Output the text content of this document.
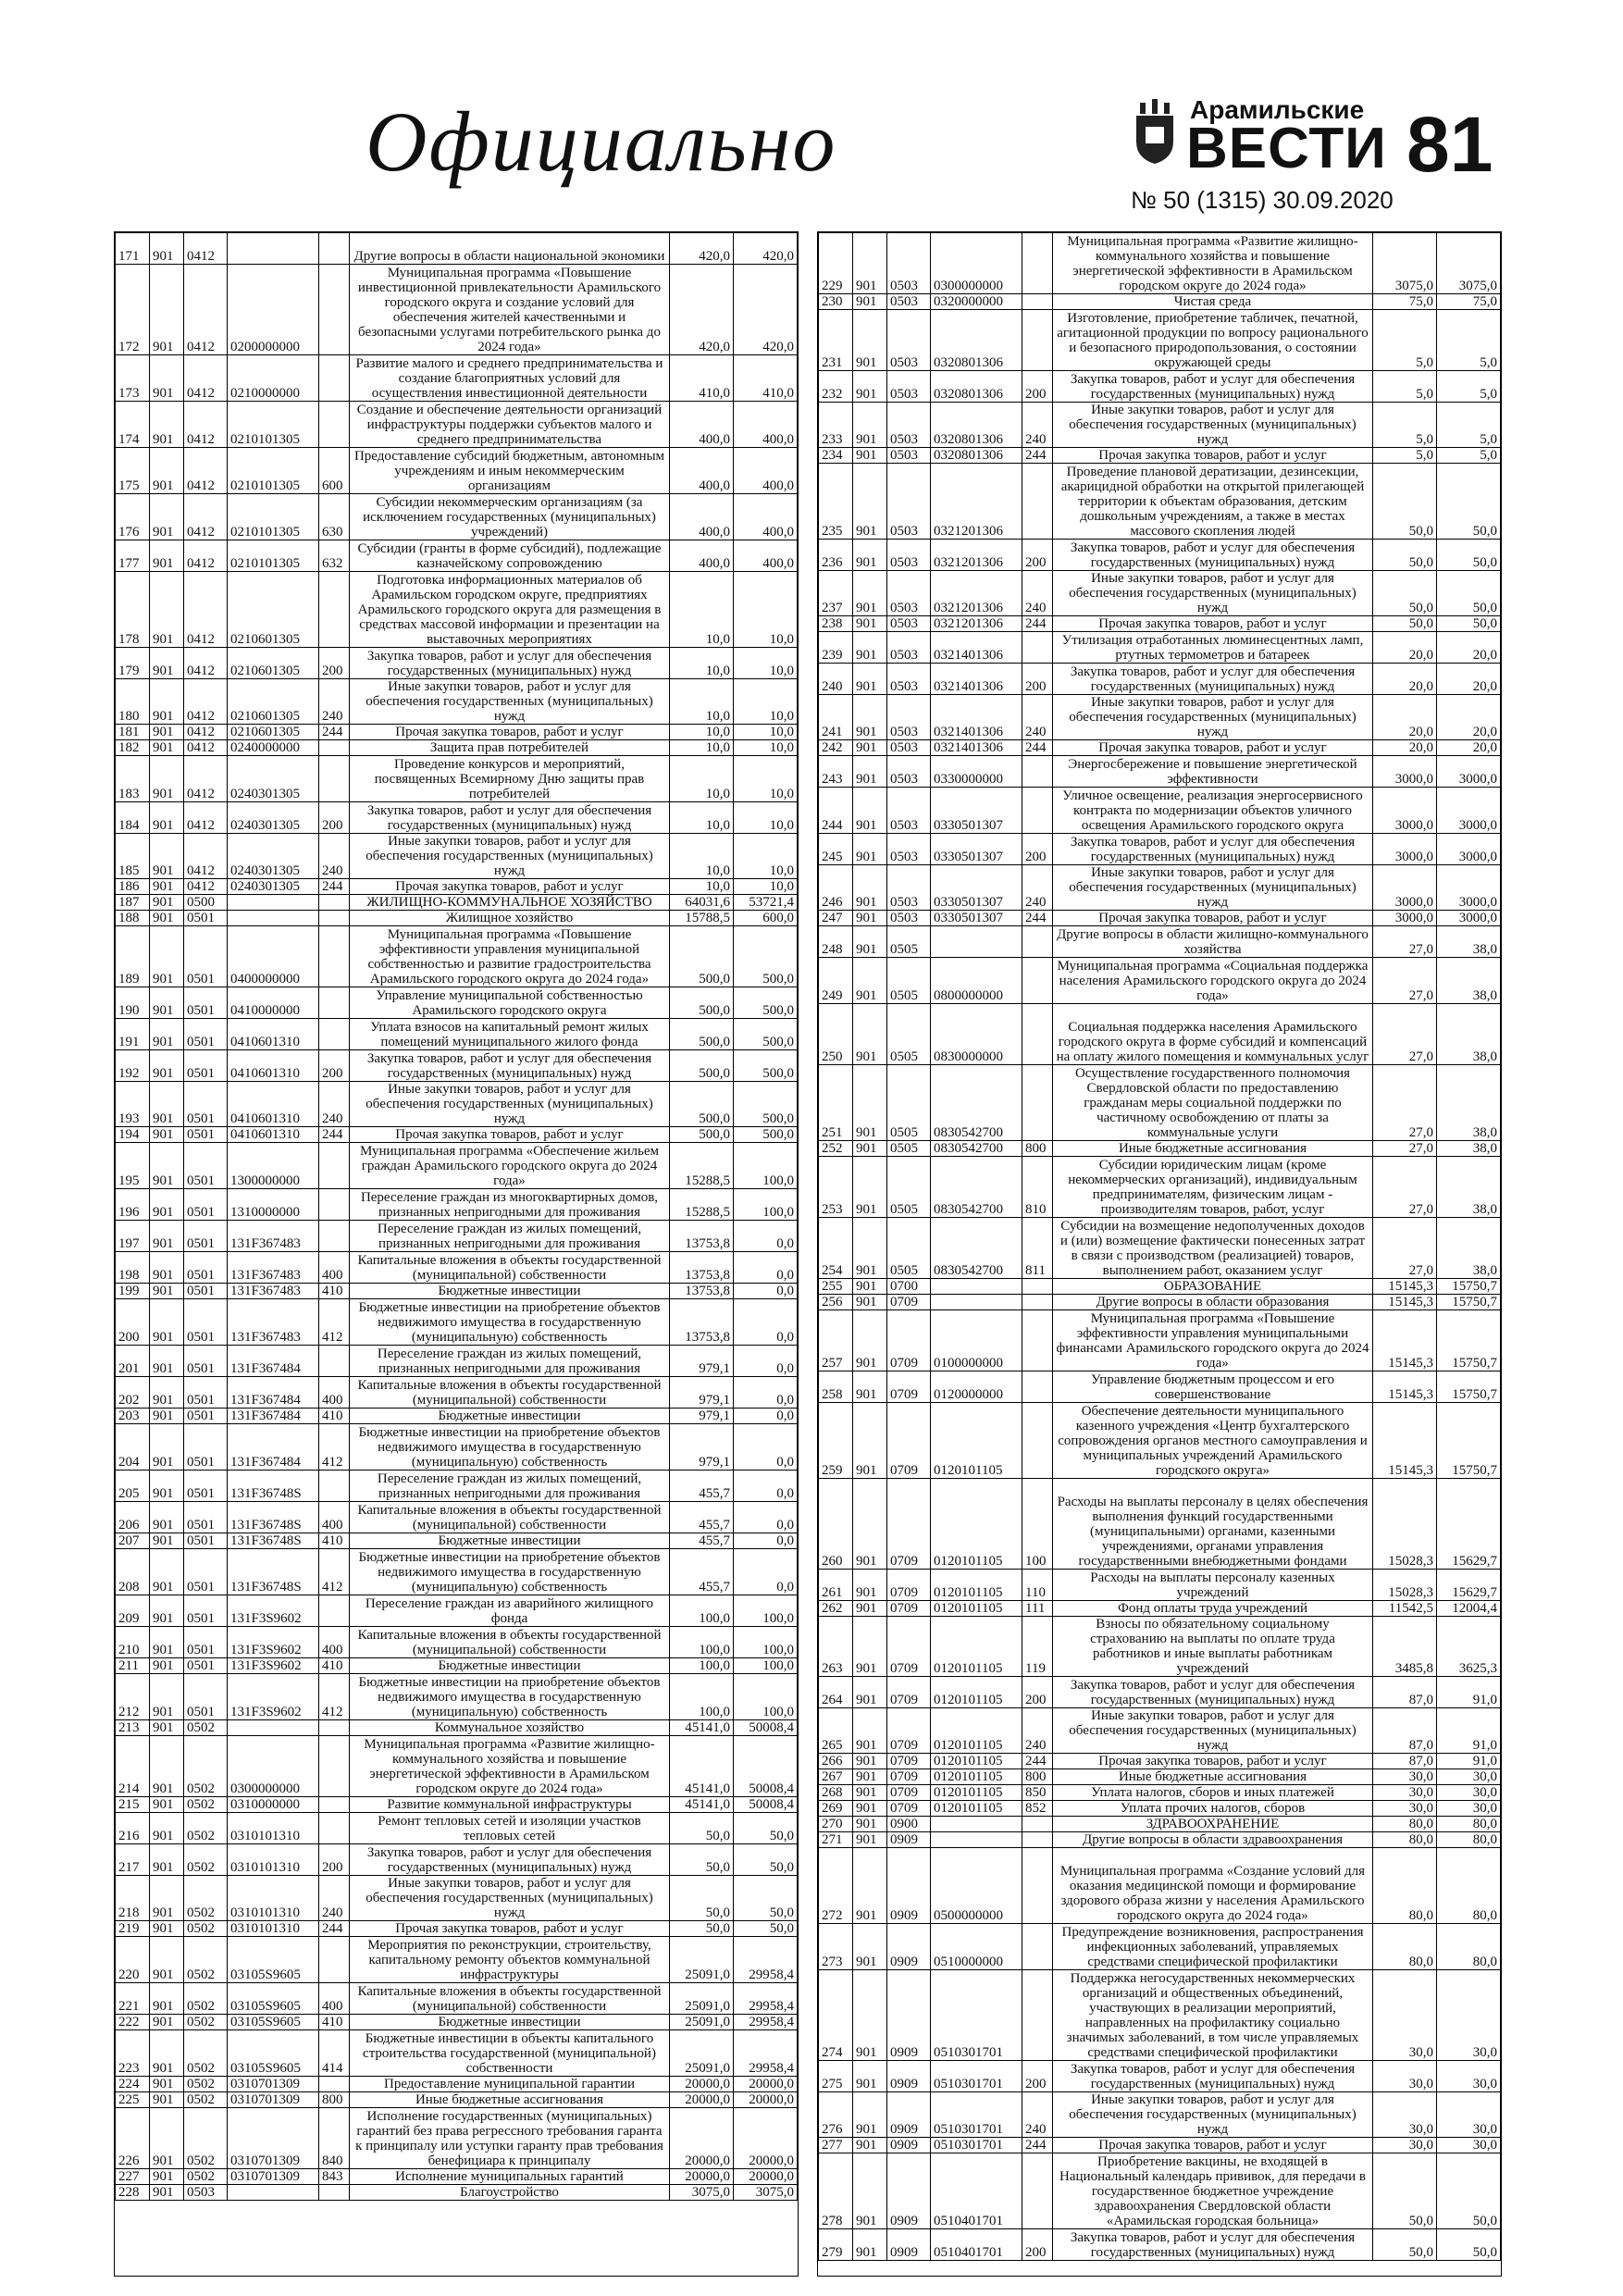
Официально	Арамильские
ВЕСТИ
№ 50 (1315) 30.09.2020
81
171	901	0412			Другие вопросы в области национальной экономики	420,0	420,0
172	901	0412	0200000000		Муниципальная программа «Повышение инвестиционной привлекательности Арамильского городского округа и создание условий для обеспечения жителей качественными и безопасными услугами потребительского рынка до 2024 года»	420,0	420,0
173	901	0412	0210000000		Развитие малого и среднего предпринимательства и создание благоприятных условий для осуществления инвестиционной деятельности	410,0	410,0
174	901	0412	0210101305		Создание и обеспечение деятельности организаций инфраструктуры поддержки субъектов малого и среднего предпринимательства	400,0	400,0
175	901	0412	0210101305	600	Предоставление субсидий бюджетным, автономным учреждениям и иным некоммерческим организациям	400,0	400,0
176	901	0412	0210101305	630	Субсидии некоммерческим организациям (за исключением государственных (муниципальных) учреждений)	400,0	400,0
177	901	0412	0210101305	632	Субсидии (гранты в форме субсидий), подлежащие казначейскому сопровождению	400,0	400,0
178	901	0412	0210601305		Подготовка информационных материалов об Арамильском городском округе, предприятиях Арамильского городского округа для размещения в средствах массовой информации и презентации на выставочных мероприятиях	10,0	10,0
179	901	0412	0210601305	200	Закупка товаров, работ и услуг для обеспечения государственных (муниципальных) нужд	10,0	10,0
180	901	0412	0210601305	240	Иные закупки товаров, работ и услуг для обеспечения государственных (муниципальных) нужд	10,0	10,0
181	901	0412	0210601305	244	Прочая закупка товаров, работ и услуг	10,0	10,0
182	901	0412	0240000000		Защита прав потребителей	10,0	10,0
183	901	0412	0240301305		Проведение конкурсов и мероприятий, посвященных Всемирному Дню защиты прав потребителей	10,0	10,0
184	901	0412	0240301305	200	Закупка товаров, работ и услуг для обеспечения государственных (муниципальных) нужд	10,0	10,0
185	901	0412	0240301305	240	Иные закупки товаров, работ и услуг для обеспечения государственных (муниципальных) нужд	10,0	10,0
186	901	0412	0240301305	244	Прочая закупка товаров, работ и услуг	10,0	10,0
187	901	0500			ЖИЛИЩНО-КОММУНАЛЬНОЕ ХОЗЯЙСТВО	64031,6	53721,4
188	901	0501			Жилищное хозяйство	15788,5	600,0
189	901	0501	0400000000		Муниципальная программа «Повышение эффективности управления муниципальной собственностью и развитие градостроительства Арамильского городского округа до 2024 года»	500,0	500,0
190	901	0501	0410000000		Управление муниципальной собственностью Арамильского городского округа	500,0	500,0
191	901	0501	0410601310		Уплата взносов на капитальный ремонт жилых помещений муниципального жилого фонда	500,0	500,0
192	901	0501	0410601310	200	Закупка товаров, работ и услуг для обеспечения государственных (муниципальных) нужд	500,0	500,0
193	901	0501	0410601310	240	Иные закупки товаров, работ и услуг для обеспечения государственных (муниципальных) нужд	500,0	500,0
194	901	0501	0410601310	244	Прочая закупка товаров, работ и услуг	500,0	500,0
195	901	0501	1300000000		Муниципальная программа «Обеспечение жильем граждан Арамильского городского округа до 2024 года»	15288,5	100,0
196	901	0501	1310000000		Переселение граждан из многоквартирных домов, признанных непригодными для проживания	15288,5	100,0
197	901	0501	131F367483		Переселение граждан из жилых помещений, признанных непригодными для проживания	13753,8	0,0
198	901	0501	131F367483	400	Капитальные вложения в объекты государственной (муниципальной) собственности	13753,8	0,0
199	901	0501	131F367483	410	Бюджетные инвестиции	13753,8	0,0
200	901	0501	131F367483	412	Бюджетные инвестиции на приобретение объектов недвижимого имущества в государственную (муниципальную) собственность	13753,8	0,0
201	901	0501	131F367484		Переселение граждан из жилых помещений, признанных непригодными для проживания	979,1	0,0
202	901	0501	131F367484	400	Капитальные вложения в объекты государственной (муниципальной) собственности	979,1	0,0
203	901	0501	131F367484	410	Бюджетные инвестиции	979,1	0,0
204	901	0501	131F367484	412	Бюджетные инвестиции на приобретение объектов недвижимого имущества в государственную (муниципальную) собственность	979,1	0,0
205	901	0501	131F36748S		Переселение граждан из жилых помещений, признанных непригодными для проживания	455,7	0,0
206	901	0501	131F36748S	400	Капитальные вложения в объекты государственной (муниципальной) собственности	455,7	0,0
207	901	0501	131F36748S	410	Бюджетные инвестиции	455,7	0,0
208	901	0501	131F36748S	412	Бюджетные инвестиции на приобретение объектов недвижимого имущества в государственную (муниципальную) собственность	455,7	0,0
209	901	0501	131F3S9602		Переселение граждан из аварийного жилищного фонда	100,0	100,0
210	901	0501	131F3S9602	400	Капитальные вложения в объекты государственной (муниципальной) собственности	100,0	100,0
211	901	0501	131F3S9602	410	Бюджетные инвестиции	100,0	100,0
212	901	0501	131F3S9602	412	Бюджетные инвестиции на приобретение объектов недвижимого имущества в государственную (муниципальную) собственность	100,0	100,0
213	901	0502			Коммунальное хозяйство	45141,0	50008,4
214	901	0502	0300000000		Муниципальная программа «Развитие жилищно-коммунального хозяйства и повышение энергетической эффективности в Арамильском городском округе до 2024 года»	45141,0	50008,4
215	901	0502	0310000000		Развитие коммунальной инфраструктуры	45141,0	50008,4
216	901	0502	0310101310		Ремонт тепловых сетей и изоляции участков тепловых сетей	50,0	50,0
217	901	0502	0310101310	200	Закупка товаров, работ и услуг для обеспечения государственных (муниципальных) нужд	50,0	50,0
218	901	0502	0310101310	240	Иные закупки товаров, работ и услуг для обеспечения государственных (муниципальных) нужд	50,0	50,0
219	901	0502	0310101310	244	Прочая закупка товаров, работ и услуг	50,0	50,0
220	901	0502	03105S9605		Мероприятия по реконструкции, строительству, капитальному ремонту объектов коммунальной инфраструктуры	25091,0	29958,4
221	901	0502	03105S9605	400	Капитальные вложения в объекты государственной (муниципальной) собственности	25091,0	29958,4
222	901	0502	03105S9605	410	Бюджетные инвестиции	25091,0	29958,4
223	901	0502	03105S9605	414	Бюджетные инвестиции в объекты капитального строительства государственной (муниципальной) собственности	25091,0	29958,4
224	901	0502	0310701309		Предоставление муниципальной гарантии	20000,0	20000,0
225	901	0502	0310701309	800	Иные бюджетные ассигнования	20000,0	20000,0
226	901	0502	0310701309	840	Исполнение государственных (муниципальных) гарантий без права регрессного требования гаранта к принципалу или уступки гаранту прав требования бенефициара к принципалу	20000,0	20000,0
227	901	0502	0310701309	843	Исполнение муниципальных гарантий	20000,0	20000,0
228	901	0503			Благоустройство	3075,0	3075,0
229	901	0503	0300000000		Муниципальная программа «Развитие жилищно-коммунального хозяйства и повышение энергетической эффективности в Арамильском городском округе до 2024 года»	3075,0	3075,0
230	901	0503	0320000000		Чистая среда	75,0	75,0
231	901	0503	0320801306		Изготовление, приобретение табличек, печатной, агитационной продукции по вопросу рационального и безопасного природопользования, о состоянии окружающей среды	5,0	5,0
232	901	0503	0320801306	200	Закупка товаров, работ и услуг для обеспечения государственных (муниципальных) нужд	5,0	5,0
233	901	0503	0320801306	240	Иные закупки товаров, работ и услуг для обеспечения государственных (муниципальных) нужд	5,0	5,0
234	901	0503	0320801306	244	Прочая закупка товаров, работ и услуг	5,0	5,0
235	901	0503	0321201306		Проведение плановой дератизации, дезинсекции, акарицидной обработки на открытой прилегающей территории к объектам образования, детским дошкольным учреждениям, а также в местах массового скопления людей	50,0	50,0
236	901	0503	0321201306	200	Закупка товаров, работ и услуг для обеспечения государственных (муниципальных) нужд	50,0	50,0
237	901	0503	0321201306	240	Иные закупки товаров, работ и услуг для обеспечения государственных (муниципальных) нужд	50,0	50,0
238	901	0503	0321201306	244	Прочая закупка товаров, работ и услуг	50,0	50,0
239	901	0503	0321401306		Утилизация отработанных люминесцентных ламп, ртутных термометров и батареек	20,0	20,0
240	901	0503	0321401306	200	Закупка товаров, работ и услуг для обеспечения государственных (муниципальных) нужд	20,0	20,0
241	901	0503	0321401306	240	Иные закупки товаров, работ и услуг для обеспечения государственных (муниципальных) нужд	20,0	20,0
242	901	0503	0321401306	244	Прочая закупка товаров, работ и услуг	20,0	20,0
243	901	0503	0330000000		Энергосбережение и повышение энергетической эффективности	3000,0	3000,0
244	901	0503	0330501307		Уличное освещение, реализация энергосервисного контракта по модернизации объектов уличного освещения Арамильского городского округа	3000,0	3000,0
245	901	0503	0330501307	200	Закупка товаров, работ и услуг для обеспечения государственных (муниципальных) нужд	3000,0	3000,0
246	901	0503	0330501307	240	Иные закупки товаров, работ и услуг для обеспечения государственных (муниципальных) нужд	3000,0	3000,0
247	901	0503	0330501307	244	Прочая закупка товаров, работ и услуг	3000,0	3000,0
248	901	0505			Другие вопросы в области жилищно-коммунального хозяйства	27,0	38,0
249	901	0505	0800000000		Муниципальная программа «Социальная поддержка населения Арамильского городского округа до 2024 года»	27,0	38,0
250	901	0505	0830000000		Социальная поддержка населения Арамильского городского округа в форме субсидий и компенсаций на оплату жилого помещения и коммунальных услуг	27,0	38,0
251	901	0505	0830542700		Осуществление государственного полномочия Свердловской области по предоставлению гражданам меры социальной поддержки по частичному освобождению от платы за коммунальные услуги	27,0	38,0
252	901	0505	0830542700	800	Иные бюджетные ассигнования	27,0	38,0
253	901	0505	0830542700	810	Субсидии юридическим лицам (кроме некоммерческих организаций), индивидуальным предпринимателям, физическим лицам - производителям товаров, работ, услуг	27,0	38,0
254	901	0505	0830542700	811	Субсидии на возмещение недополученных доходов и (или) возмещение фактически понесенных затрат в связи с производством (реализацией) товаров, выполнением работ, оказанием услуг	27,0	38,0
255	901	0700			ОБРАЗОВАНИЕ	15145,3	15750,7
256	901	0709			Другие вопросы в области образования	15145,3	15750,7
257	901	0709	0100000000		Муниципальная программа «Повышение эффективности управления муниципальными финансами Арамильского городского округа до 2024 года»	15145,3	15750,7
258	901	0709	0120000000		Управление бюджетным процессом и его совершенствование	15145,3	15750,7
259	901	0709	0120101105		Обеспечение деятельности муниципального казенного учреждения «Центр бухгалтерского сопровождения органов местного самоуправления и муниципальных учреждений Арамильского городского округа»	15145,3	15750,7
260	901	0709	0120101105	100	Расходы на выплаты персоналу в целях обеспечения выполнения функций государственными (муниципальными) органами, казенными учреждениями, органами управления государственными внебюджетными фондами	15028,3	15629,7
261	901	0709	0120101105	110	Расходы на выплаты персоналу казенных учреждений	15028,3	15629,7
262	901	0709	0120101105	111	Фонд оплаты труда учреждений	11542,5	12004,4
263	901	0709	0120101105	119	Взносы по обязательному социальному страхованию на выплаты по оплате труда работников и иные выплаты работникам учреждений	3485,8	3625,3
264	901	0709	0120101105	200	Закупка товаров, работ и услуг для обеспечения государственных (муниципальных) нужд	87,0	91,0
265	901	0709	0120101105	240	Иные закупки товаров, работ и услуг для обеспечения государственных (муниципальных) нужд	87,0	91,0
266	901	0709	0120101105	244	Прочая закупка товаров, работ и услуг	87,0	91,0
267	901	0709	0120101105	800	Иные бюджетные ассигнования	30,0	30,0
268	901	0709	0120101105	850	Уплата налогов, сборов и иных платежей	30,0	30,0
269	901	0709	0120101105	852	Уплата прочих налогов, сборов	30,0	30,0
270	901	0900			ЗДРАВООХРАНЕНИЕ	80,0	80,0
271	901	0909			Другие вопросы в области здравоохранения	80,0	80,0
272	901	0909	0500000000		Муниципальная программа «Создание условий для оказания медицинской помощи и формирование здорового образа жизни у населения Арамильского городского округа до 2024 года»	80,0	80,0
273	901	0909	0510000000		Предупреждение возникновения, распространения инфекционных заболеваний, управляемых средствами специфической профилактики	80,0	80,0
274	901	0909	0510301701		Поддержка негосударственных некоммерческих организаций и общественных объединений, участвующих в реализации мероприятий, направленных на профилактику социально значимых заболеваний, в том числе управляемых средствами специфической профилактики	30,0	30,0
275	901	0909	0510301701	200	Закупка товаров, работ и услуг для обеспечения государственных (муниципальных) нужд	30,0	30,0
276	901	0909	0510301701	240	Иные закупки товаров, работ и услуг для обеспечения государственных (муниципальных) нужд	30,0	30,0
277	901	0909	0510301701	244	Прочая закупка товаров, работ и услуг	30,0	30,0
278	901	0909	0510401701		Приобретение вакцины, не входящей в Национальный календарь прививок, для передачи в государственное бюджетное учреждение здравоохранения Свердловской области «Арамильская городская больница»	50,0	50,0
279	901	0909	0510401701	200	Закупка товаров, работ и услуг для обеспечения государственных (муниципальных) нужд	50,0	50,0
